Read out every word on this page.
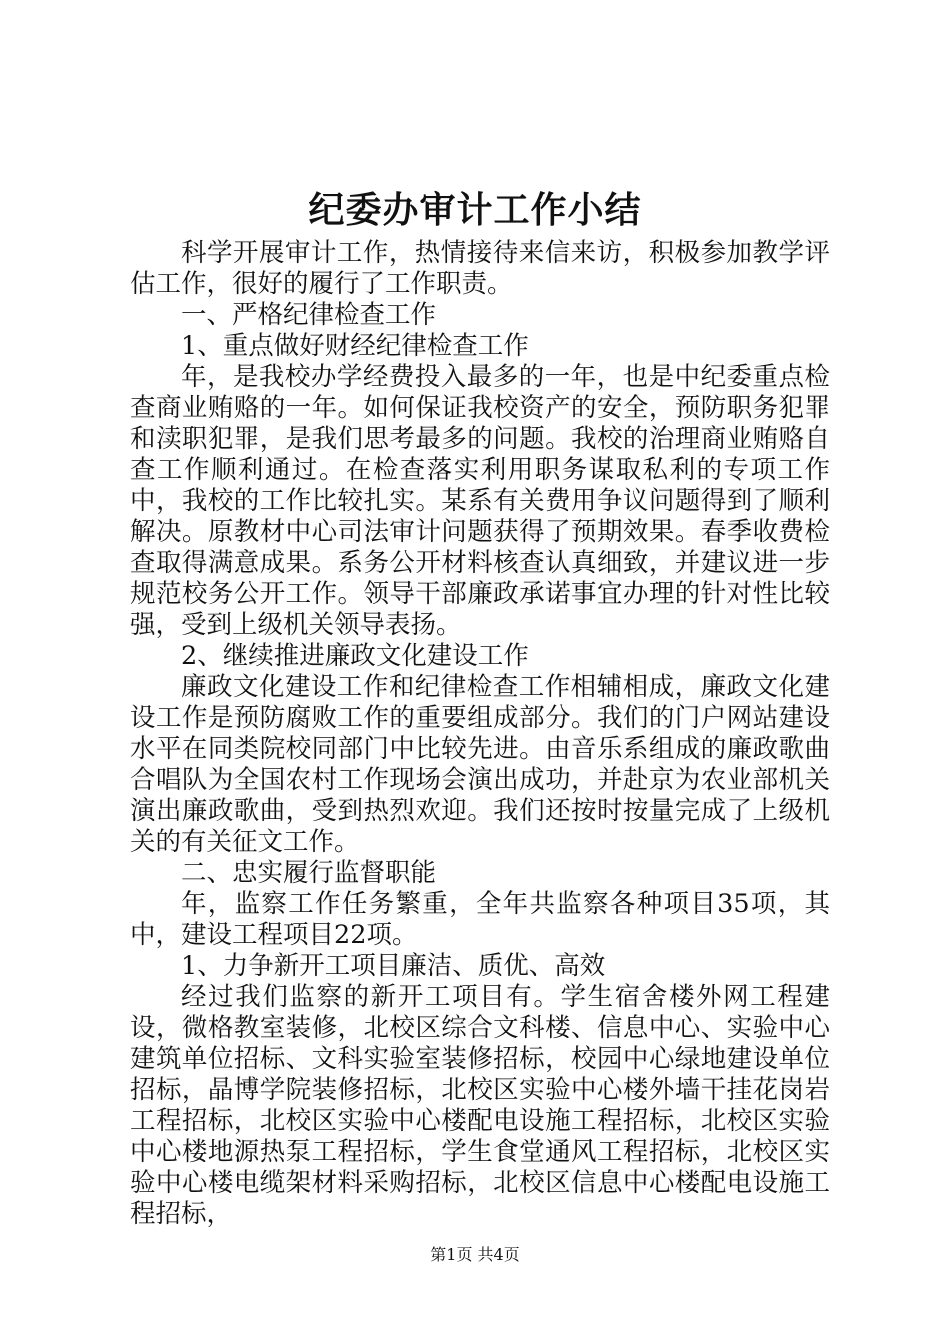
纪委办审计工作小结

科学开展审计工作，热情接待来信来访，积极参加教学评估工作，很好的履行了工作职责。

一、严格纪律检查工作

1、重点做好财经纪律检查工作

年，是我校办学经费投入最多的一年，也是中纪委重点检查商业贿赂的一年。如何保证我校资产的安全，预防职务犯罪和渎职犯罪，是我们思考最多的问题。我校的治理商业贿赂自查工作顺利通过。在检查落实利用职务谋取私利的专项工作中，我校的工作比较扎实。某系有关费用争议问题得到了顺利解决。原教材中心司法审计问题获得了预期效果。春季收费检查取得满意成果。系务公开材料核查认真细致，并建议进一步规范校务公开工作。领导干部廉政承诺事宜办理的针对性比较强，受到上级机关领导表扬。

2、继续推进廉政文化建设工作

廉政文化建设工作和纪律检查工作相辅相成，廉政文化建设工作是预防腐败工作的重要组成部分。我们的门户网站建设水平在同类院校同部门中比较先进。由音乐系组成的廉政歌曲合唱队为全国农村工作现场会演出成功，并赴京为农业部机关演出廉政歌曲，受到热烈欢迎。我们还按时按量完成了上级机关的有关征文工作。

二、忠实履行监督职能

年，监察工作任务繁重，全年共监察各种项目35项，其中，建设工程项目22项。

1、力争新开工项目廉洁、质优、高效

经过我们监察的新开工项目有。学生宿舍楼外网工程建设，微格教室装修，北校区综合文科楼、信息中心、实验中心建筑单位招标、文科实验室装修招标，校园中心绿地建设单位招标，晶博学院装修招标，北校区实验中心楼外墙干挂花岗岩工程招标，北校区实验中心楼配电设施工程招标，北校区实验中心楼地源热泵工程招标，学生食堂通风工程招标，北校区实验中心楼电缆架材料采购招标，北校区信息中心楼配电设施工程招标，

第1页 共4页
